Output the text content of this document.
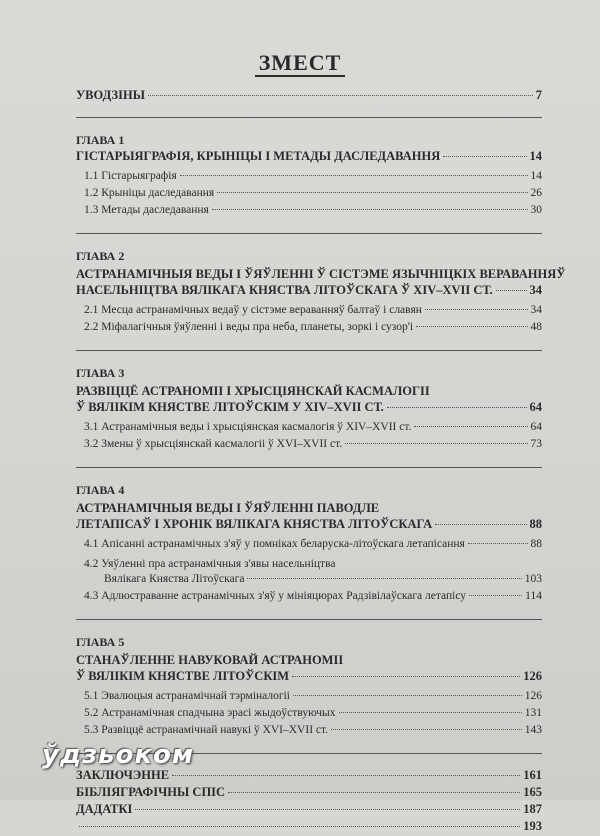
ЗМЕСТ
УВОДЗІНЫ	7
ГЛАВА 1
ГІСТАРЫЯГРАФІЯ, КРЫНІЦЫ І МЕТАДЫ ДАСЛЕДАВАННЯ	14
1.1 Гістарыяграфія	14
1.2 Крыніцы даследавання	26
1.3 Метады даследавання	30
ГЛАВА 2
АСТРАНАМІЧНЫЯ ВЕДЫ І ЎЯЎЛЕННІ Ў СІСТЭМЕ ЯЗЫЧНІЦКІХ ВЕРАВАННЯЎ
НАСЕЛЬНІЦТВА ВЯЛІКАГА КНЯСТВА ЛІТОЎСКАГА Ў XIV–XVII СТ.	34
2.1 Месца астранамічных ведаў у сістэме вераванняў балтаў і славян	34
2.2 Міфалагічныя ўяўленні і веды пра неба, планеты, зоркі і сузор'і	48
ГЛАВА 3
РАЗВІЦЦЁ АСТРАНОМІІ І ХРЫСЦІЯНСКАЙ КАСМАЛОГІІ
Ў ВЯЛІКІМ КНЯСТВЕ ЛІТОЎСКІМ У XIV–XVII СТ.	64
3.1 Астранамічныя веды і хрысціянская касмалогія ў XIV–XVII ст.	64
3.2 Змены ў хрысціянскай касмалогіі ў XVI–XVII ст.	73
ГЛАВА 4
АСТРАНАМІЧНЫЯ ВЕДЫ І ЎЯЎЛЕННІ ПАВОДЛЕ
ЛЕТАПІСАЎ І ХРОНІК ВЯЛІКАГА КНЯСТВА ЛІТОЎСКАГА	88
4.1 Апісанні астранамічных з'яў у помніках беларуска-літоўскага летапісання	88
4.2 Уяўленні пра астранамічныя з'явы насельніцтва
Вялікага Княства Літоўскага	103
4.3 Адлюстраванне астранамічных з'яў у мініяцюрах Радзівілаўскага летапісу	114
ГЛАВА 5
СТАНАЎЛЕННЕ НАВУКОВАЙ АСТРАНОМІІ
Ў ВЯЛІКІМ КНЯСТВЕ ЛІТОЎСКІМ	126
5.1 Эвалюцыя астранамічнай тэрміналогіі	126
5.2 Астранамічная спадчына эрасі жыдоўствуючых	131
5.3 Развіццё астранамічнай навукі ў XVI–XVII ст.	143
ЗАКЛЮЧЭННЕ	161
БІБЛІЯГРАФІЧНЫ СПІС	165
ДАДАТКІ	187
193
ўдзьоком
